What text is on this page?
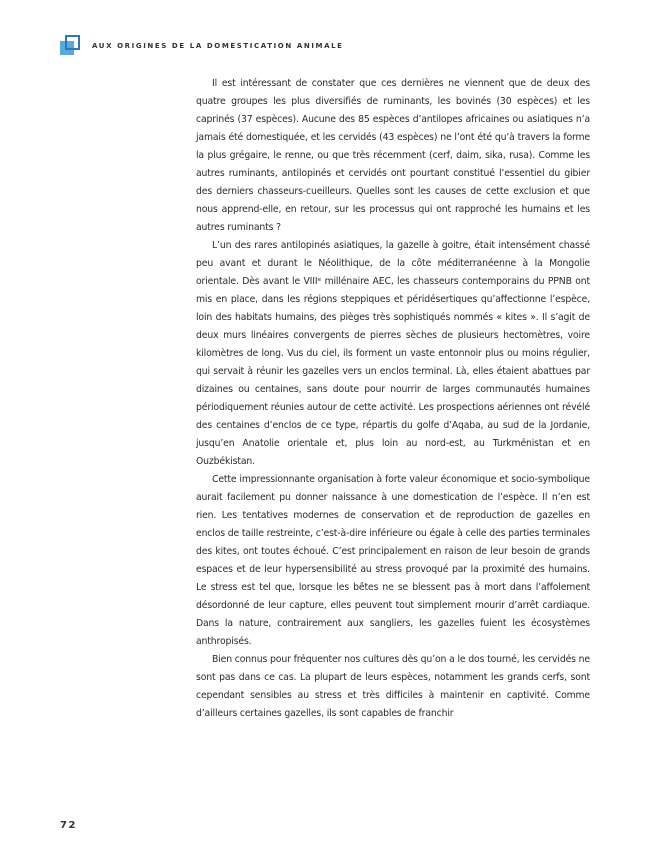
AUX ORIGINES DE LA DOMESTICATION ANIMALE

Il est intéressant de constater que ces dernières ne viennent que de deux des quatre groupes les plus diversifiés de ruminants, les bovinés (30 espèces) et les caprinés (37 espèces). Aucune des 85 espèces d’antilopes africaines ou asiatiques n’a jamais été domestiquée, et les cervidés (43 espèces) ne l’ont été qu’à travers la forme la plus grégaire, le renne, ou que très récemment (cerf, daim, sika, rusa). Comme les autres ruminants, antilopinés et cervidés ont pourtant constitué l’essentiel du gibier des derniers chasseurs-cueilleurs. Quelles sont les causes de cette exclusion et que nous apprend-elle, en retour, sur les processus qui ont rapproché les humains et les autres ruminants ?

L’un des rares antilopinés asiatiques, la gazelle à goitre, était intensément chassé peu avant et durant le Néolithique, de la côte méditerranéenne à la Mongolie orientale. Dès avant le VIIIᵉ millénaire AEC, les chasseurs contemporains du PPNB ont mis en place, dans les régions steppiques et péridésertiques qu’affectionne l’espèce, loin des habitats humains, des pièges très sophistiqués nommés « kites ». Il s’agit de deux murs linéaires convergents de pierres sèches de plusieurs hectomètres, voire kilomètres de long. Vus du ciel, ils forment un vaste entonnoir plus ou moins régulier, qui servait à réunir les gazelles vers un enclos terminal. Là, elles étaient abattues par dizaines ou centaines, sans doute pour nourrir de larges communautés humaines périodiquement réunies autour de cette activité. Les prospections aériennes ont révélé des centaines d’enclos de ce type, répartis du golfe d’Aqaba, au sud de la Jordanie, jusqu’en Anatolie orientale et, plus loin au nord-est, au Turkménistan et en Ouzbékistan.

Cette impressionnante organisation à forte valeur économique et socio-symbolique aurait facilement pu donner naissance à une domestication de l’espèce. Il n’en est rien. Les tentatives modernes de conservation et de reproduction de gazelles en enclos de taille restreinte, c’est-à-dire inférieure ou égale à celle des parties terminales des kites, ont toutes échoué. C’est principalement en raison de leur besoin de grands espaces et de leur hypersensibilité au stress provoqué par la proximité des humains. Le stress est tel que, lorsque les bêtes ne se blessent pas à mort dans l’affolement désordonné de leur capture, elles peuvent tout simplement mourir d’arrêt cardiaque. Dans la nature, contrairement aux sangliers, les gazelles fuient les écosystèmes anthropisés.

Bien connus pour fréquenter nos cultures dès qu’on a le dos tourné, les cervidés ne sont pas dans ce cas. La plupart de leurs espèces, notamment les grands cerfs, sont cependant sensibles au stress et très difficiles à maintenir en captivité. Comme d’ailleurs certaines gazelles, ils sont capables de franchir

72
